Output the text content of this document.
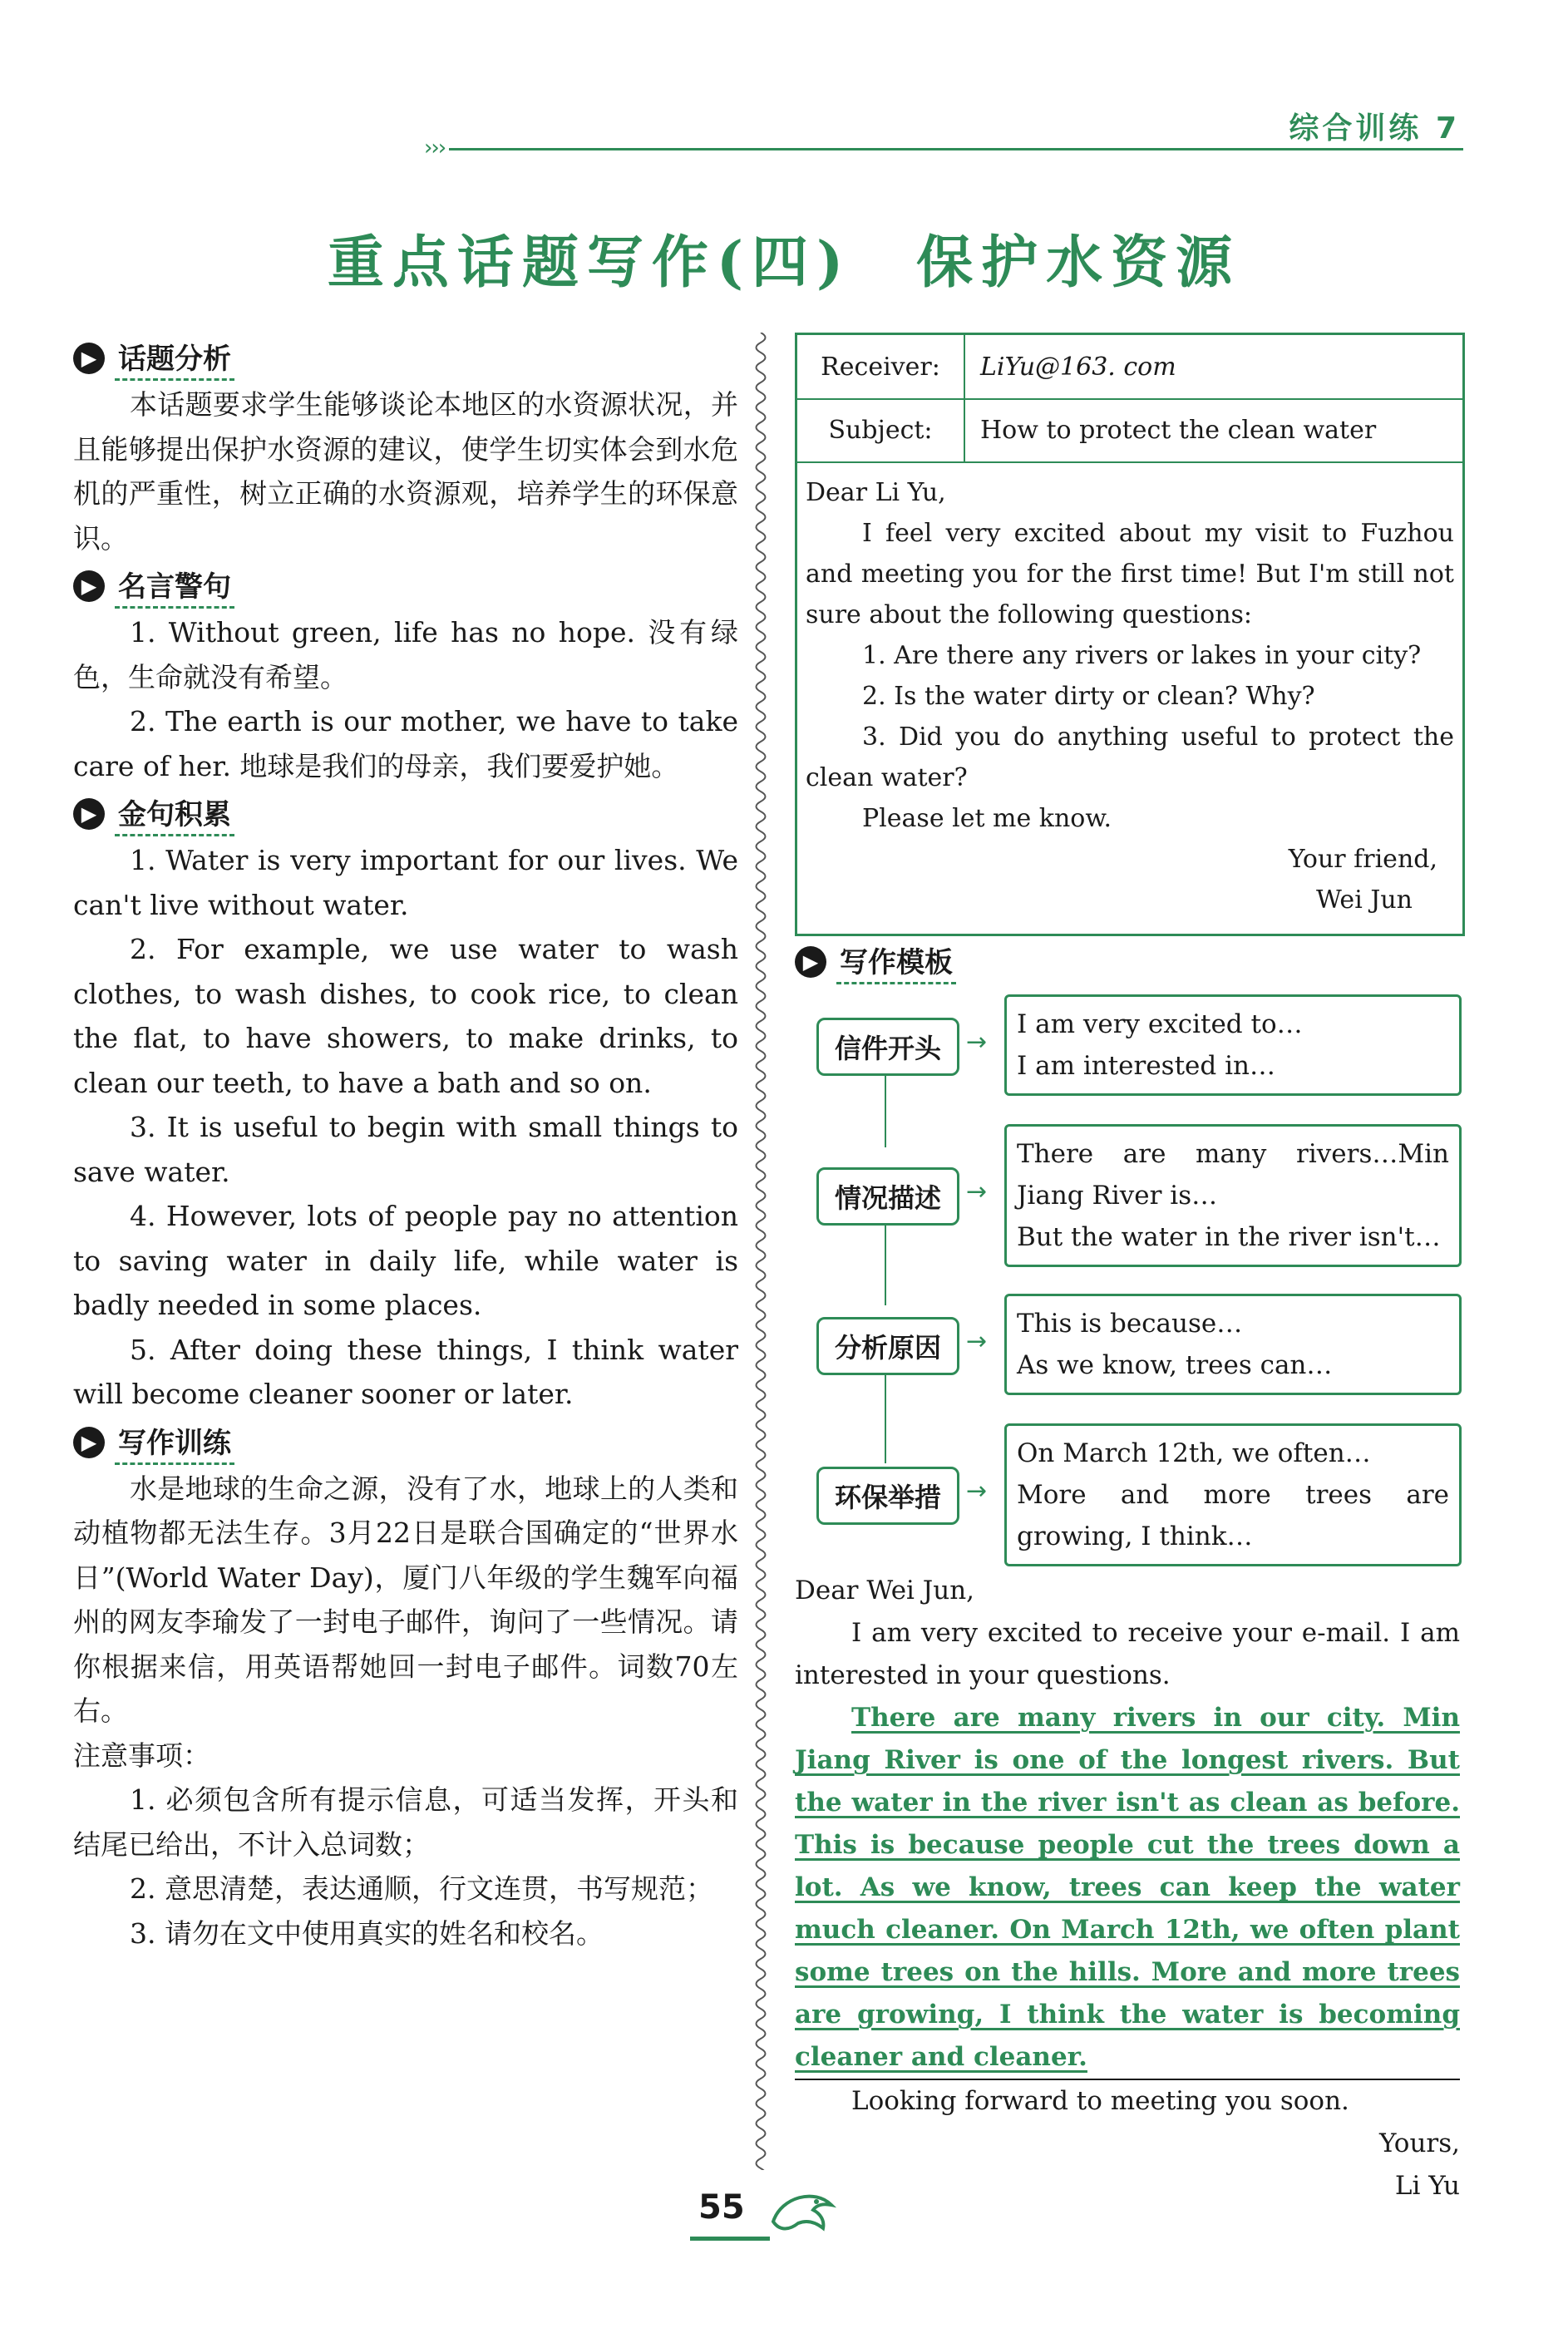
›››
综合训练 7
重点话题写作(四)　保护水资源
▶ 话题分析

本话题要求学生能够谈论本地区的水资源状况，并且能够提出保护水资源的建议，使学生切实体会到水危机的严重性，树立正确的水资源观，培养学生的环保意识。

▶ 名言警句

1. Without green, life has no hope. 没有绿色，生命就没有希望。

2. The earth is our mother, we have to take care of her. 地球是我们的母亲，我们要爱护她。

▶ 金句积累

1. Water is very important for our lives. We can't live without water.

2. For example, we use water to wash clothes, to wash dishes, to cook rice, to clean the flat, to have showers, to make drinks, to clean our teeth, to have a bath and so on.

3. It is useful to begin with small things to save water.

4. However, lots of people pay no attention to saving water in daily life, while water is badly needed in some places.

5. After doing these things, I think water will become cleaner sooner or later.

▶ 写作训练

水是地球的生命之源，没有了水，地球上的人类和动植物都无法生存。3月22日是联合国确定的“世界水日”(World Water Day)，厦门八年级的学生魏军向福州的网友李瑜发了一封电子邮件，询问了一些情况。请你根据来信，用英语帮她回一封电子邮件。词数70左右。

注意事项：

1. 必须包含所有提示信息，可适当发挥，开头和结尾已给出，不计入总词数；

2. 意思清楚，表达通顺，行文连贯，书写规范；

3. 请勿在文中使用真实的姓名和校名。

Receiver:	LiYu@163. com
Subject:	How to protect the clean water

Dear Li Yu,

I feel very excited about my visit to Fuzhou and meeting you for the first time! But I'm still not sure about the following questions:

1. Are there any rivers or lakes in your city?

2. Is the water dirty or clean? Why?

3. Did you do anything useful to protect the clean water?

Please let me know.

Your friend,

Wei Jun

▶ 写作模板
信件开头	→
I am very excited to…
I am interested in…
情况描述	→
There are many rivers…Min
Jiang River is…
But the water in the river isn't…
分析原因	→
This is because…
As we know, trees can…
环保举措	→
On March 12th, we often…
More and more trees are
growing, I think…

Dear Wei Jun,

I am very excited to receive your e-mail. I am interested in your questions.

There are many rivers in our city. Min Jiang River is one of the longest rivers. But the water in the river isn't as clean as before. This is because people cut the trees down a lot. As we know, trees can keep the water much cleaner. On March 12th, we often plant some trees on the hills. More and more trees are growing, I think the water is becoming cleaner and cleaner.

Looking forward to meeting you soon.

Yours,

Li Yu

55
